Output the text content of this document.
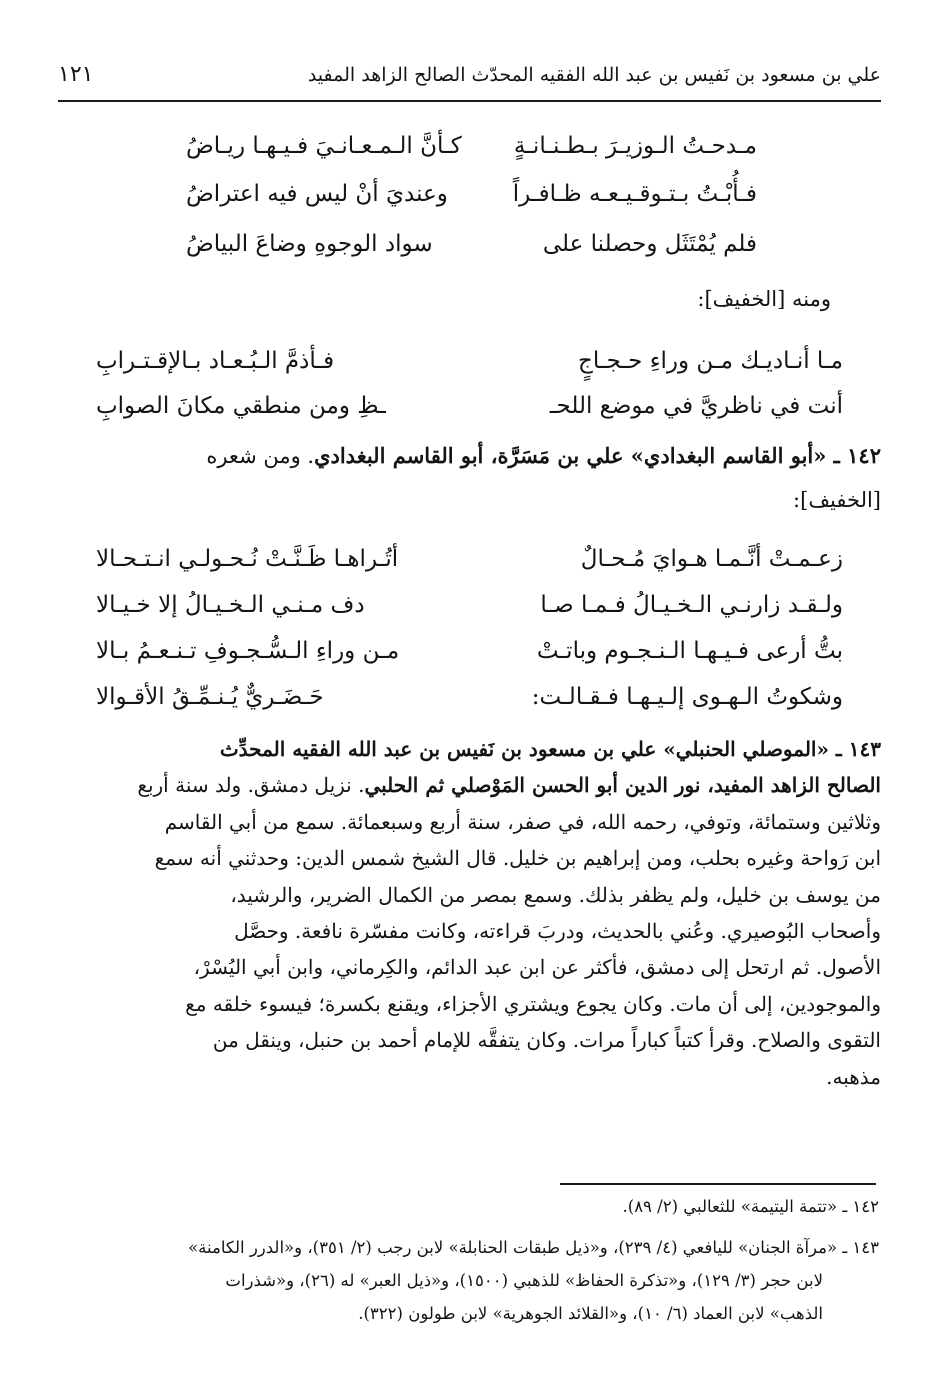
علي بن مسعود بن نَفيس بن عبد الله الفقيه المحدّث الصالح الزاهد المفيد
١٢١
مـدحـتُ الـوزيـرَ بـطـنـانـةٍ
كـأنَّ الـمـعـانـيَ فـيـهـا ريـاضُ
فـأُبْـتُ بـتـوقـيـعـه ظـافـراً
وعنديَ أنْ ليس فيه اعتراضُ
فلم يُمْتَثَل وحصلنا على
سواد الوجوهِ وضاعَ البياضُ
ومنه [الخفيف]:
مـا أنـاديـك مـن وراءِ حـجـاجٍ
فـأذمَّ الـبُـعـاد بـالإقـتـرابِ
أنت في ناظريَّ في موضع اللحـ
ـظِ ومن منطقي مكانَ الصوابِ
١٤٢ ـ «أبو القاسم البغدادي» علي بن مَسَرَّة، أبو القاسم البغدادي. ومن شعره
[الخفيف]:
زعـمـتْ أنَّـمـا هـوايَ مُـحـالٌ
أتُـراهـا ظَـنَّـتْ نُـحـولـي انـتـحـالا
ولـقـد زارنـي الـخـيـالُ فـمـا صـا
دف مـنـي الـخـيـالُ إلا خـيـالا
بتُّ أرعى فـيـهـا الـنـجـوم وباتـتْ
مـن وراءِ الـسُّـجـوفِ تـنـعـمُ بـالا
وشكوتُ الـهـوى إلـيـهـا فـقـالـت:
حَـضَـريٌّ يُـنـمِّـقُ الأقـوالا

١٤٣ ـ «الموصلي الحنبلي» علي بن مسعود بن نَفيس بن عبد الله الفقيه المحدِّث

الصالح الزاهد المفيد، نور الدين أبو الحسن المَوْصلي ثم الحلبي. نزيل دمشق. ولد سنة أربع

وثلاثين وستمائة، وتوفي، رحمه الله، في صفر، سنة أربع وسبعمائة. سمع من أبي القاسم

ابن رَواحة وغيره بحلب، ومن إبراهيم بن خليل. قال الشيخ شمس الدين: وحدثني أنه سمع

من يوسف بن خليل، ولم يظفر بذلك. وسمع بمصر من الكمال الضرير، والرشيد،

وأصحاب البُوصيري. وعُني بالحديث، ودربَ قراءته، وكانت مفسّرة نافعة. وحصَّل

الأصول. ثم ارتحل إلى دمشق، فأكثر عن ابن عبد الدائم، والكِرماني، وابن أبي اليُسْرْ،

والموجودين، إلى أن مات. وكان يجوع ويشتري الأجزاء، ويقنع بكسرة؛ فيسوء خلقه مع

التقوى والصلاح. وقرأ كتباً كباراً مرات. وكان يتفقَّه للإمام أحمد بن حنبل، وينقل من

مذهبه.

١٤٢ ـ «تتمة اليتيمة» للثعالبي (٢/ ٨٩).
١٤٣ ـ «مرآة الجنان» لليافعي (٤/ ٢٣٩)، و«ذيل طبقات الحنابلة» لابن رجب (٢/ ٣٥١)، و«الدرر الكامنة»
لابن حجر (٣/ ١٢٩)، و«تذكرة الحفاظ» للذهبي (١٥٠٠)، و«ذيل العبر» له (٢٦)، و«شذرات
الذهب» لابن العماد (٦/ ١٠)، و«القلائد الجوهرية» لابن طولون (٣٢٢).
